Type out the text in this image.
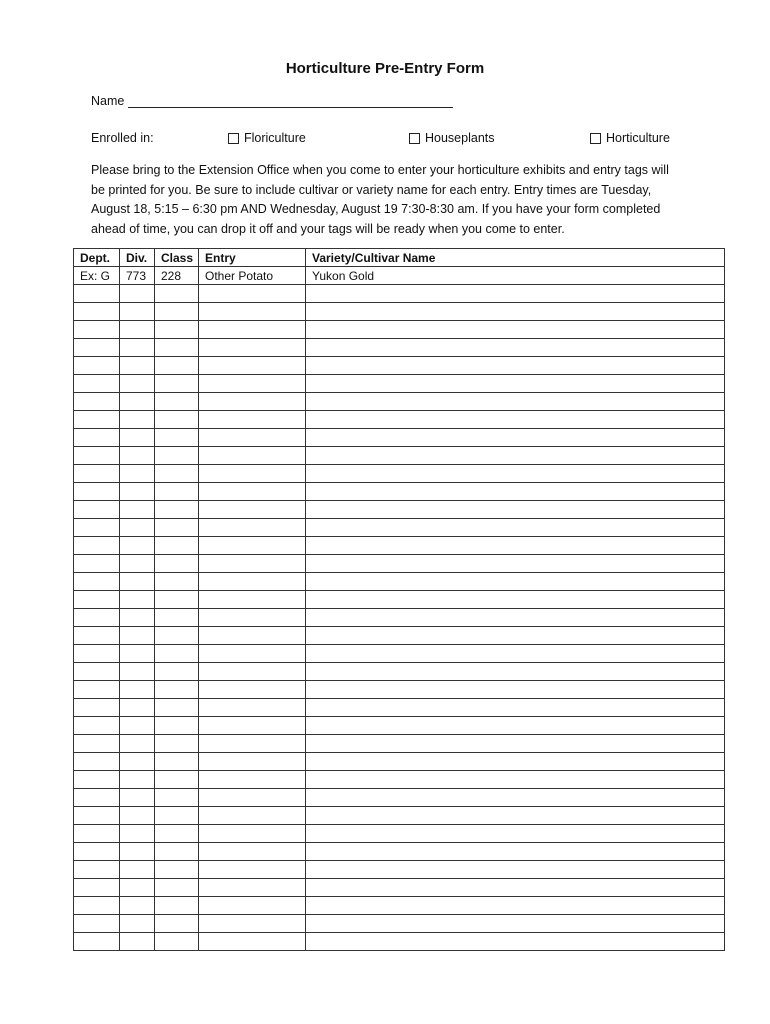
Horticulture Pre-Entry Form
Name
Enrolled in:	Floriculture	Houseplants	Horticulture
Please bring to the Extension Office when you come to enter your horticulture exhibits and entry tags will be printed for you. Be sure to include cultivar or variety name for each entry. Entry times are Tuesday, August 18, 5:15 – 6:30 pm AND Wednesday, August 19 7:30-8:30 am. If you have your form completed ahead of time, you can drop it off and your tags will be ready when you come to enter.
Dept.	Div.	Class	Entry	Variety/Cultivar Name
Ex: G	773	228	Other Potato	Yukon Gold
